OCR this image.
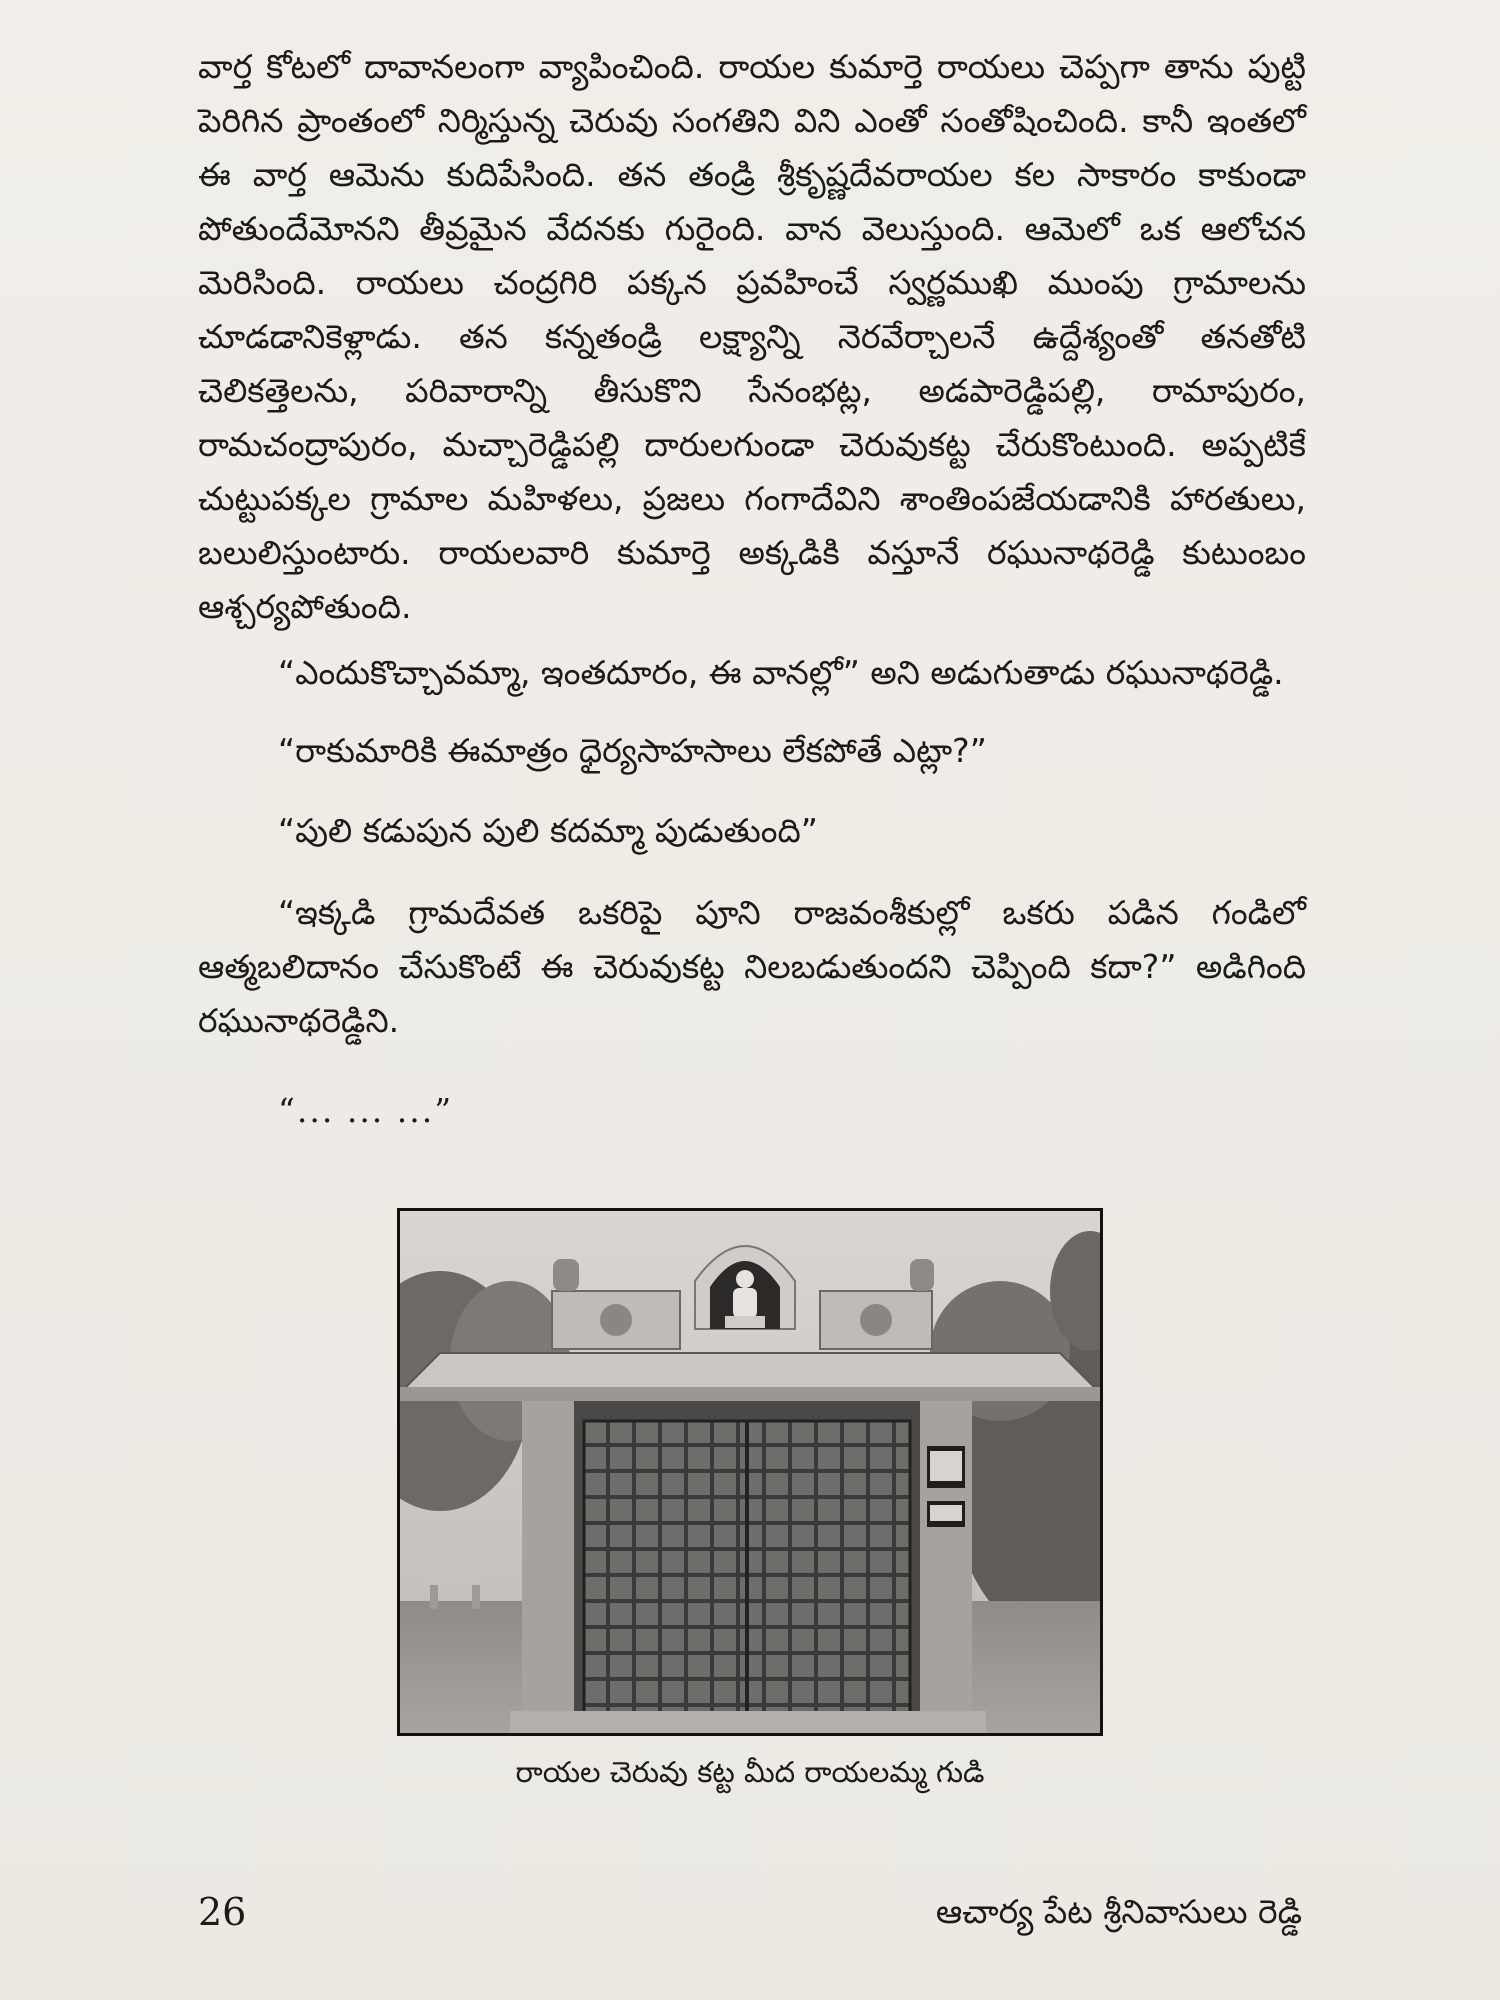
వార్త కోటలో దావానలంగా వ్యాపించింది. రాయల కుమార్తె రాయలు చెప్పగా తాను పుట్టి పెరిగిన ప్రాంతంలో నిర్మిస్తున్న చెరువు సంగతిని విని ఎంతో సంతోషించింది. కానీ ఇంతలో ఈ వార్త ఆమెను కుదిపేసింది. తన తండ్రి శ్రీకృష్ణదేవరాయల కల సాకారం కాకుండా పోతుందేమోనని తీవ్రమైన వేదనకు గురైంది. వాన వెలుస్తుంది. ఆమెలో ఒక ఆలోచన మెరిసింది. రాయలు చంద్రగిరి పక్కన ప్రవహించే స్వర్ణముఖి ముంపు గ్రామాలను చూడడానికెళ్లాడు. తన కన్నతండ్రి లక్ష్యాన్ని నెరవేర్చాలనే ఉద్దేశ్యంతో తనతోటి చెలికత్తెలను, పరివారాన్ని తీసుకొని సేనంభట్ల, అడపారెడ్డిపల్లి, రామాపురం, రామచంద్రాపురం, మచ్చారెడ్డిపల్లి దారులగుండా చెరువుకట్ట చేరుకొంటుంది. అప్పటికే చుట్టుపక్కల గ్రామాల మహిళలు, ప్రజలు గంగాదేవిని శాంతింపజేయడానికి హారతులు, బలులిస్తుంటారు. రాయలవారి కుమార్తె అక్కడికి వస్తూనే రఘునాథరెడ్డి కుటుంబం ఆశ్చర్యపోతుంది.

“ఎందుకొచ్చావమ్మా, ఇంతదూరం, ఈ వానల్లో” అని అడుగుతాడు రఘునాథరెడ్డి.

“రాకుమారికి ఈమాత్రం ధైర్యసాహసాలు లేకపోతే ఎట్లా?”

“పులి కడుపున పులి కదమ్మా పుడుతుంది”

“ఇక్కడి గ్రామదేవత ఒకరిపై పూని రాజవంశీకుల్లో ఒకరు పడిన గండిలో ఆత్మబలిదానం చేసుకొంటే ఈ చెరువుకట్ట నిలబడుతుందని చెప్పింది కదా?” అడిగింది రఘునాథరెడ్డిని.

“... ... ...”

రాయల చెరువు కట్ట మీద రాయలమ్మ గుడి
26	ఆచార్య పేట శ్రీనివాసులు రెడ్డి
